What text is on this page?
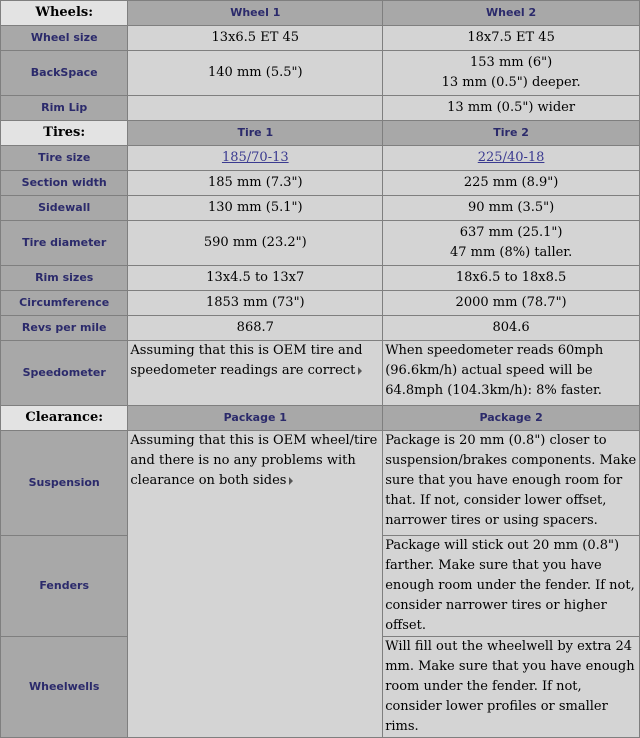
Wheels:	Wheel 1	Wheel 2
Wheel size	13x6.5 ET 45	18x7.5 ET 45
BackSpace	140 mm (5.5")	153 mm (6")
13 mm (0.5") deeper.

Rim Lip		13 mm (0.5") wider
Tires:	Tire 1	Tire 2
Tire size	185/70-13	225/40-18
Section width	185 mm (7.3")	225 mm (8.9")
Sidewall	130 mm (5.1")	90 mm (3.5")
Tire diameter	590 mm (23.2")	637 mm (25.1")
47 mm (8%) taller.

Rim sizes	13x4.5 to 13x7	18x6.5 to 18x8.5
Circumference	1853 mm (73")	2000 mm (78.7")
Revs per mile	868.7	804.6
Speedometer	Assuming that this is OEM tire and speedometer readings are correct	When speedometer reads 60mph (96.6km/h) actual speed will be 64.8mph (104.3km/h): 8% faster.
Clearance:	Package 1	Package 2
Suspension	Assuming that this is OEM wheel/tire and there is no any problems with clearance on both sides	Package is 20 mm (0.8") closer to suspension/brakes components. Make sure that you have enough room for that. If not, consider lower offset, narrower tires or using spacers.
Fenders		Package will stick out 20 mm (0.8") farther. Make sure that you have enough room under the fender. If not, consider narrower tires or higher offset.
Wheelwells		Will fill out the wheelwell by extra 24 mm. Make sure that you have enough room under the fender. If not, consider lower profiles or smaller rims.
